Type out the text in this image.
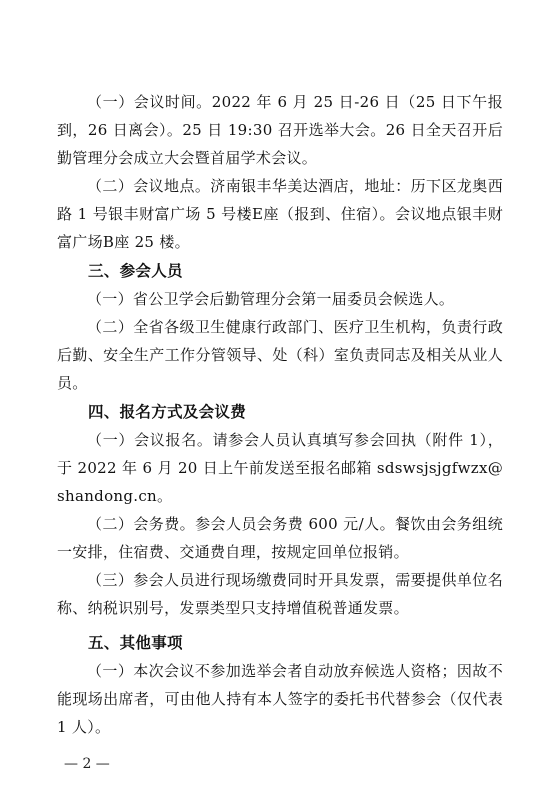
（一）会议时间。2022 年 6 月 25 日-26 日（25 日下午报到，26 日离会）。25 日 19:30 召开选举大会。26 日全天召开后勤管理分会成立大会暨首届学术会议。

（二）会议地点。济南银丰华美达酒店，地址：历下区龙奥西路 1 号银丰财富广场 5 号楼E座（报到、住宿）。会议地点银丰财富广场B座 25 楼。

三、参会人员

（一）省公卫学会后勤管理分会第一届委员会候选人。

（二）全省各级卫生健康行政部门、医疗卫生机构，负责行政后勤、安全生产工作分管领导、处（科）室负责同志及相关从业人员。

四、报名方式及会议费

（一）会议报名。请参会人员认真填写参会回执（附件 1），于 2022 年 6 月 20 日上午前发送至报名邮箱 sdswsjsjgfwzx@shandong.cn。

（二）会务费。参会人员会务费 600 元/人。餐饮由会务组统一安排，住宿费、交通费自理，按规定回单位报销。

（三）参会人员进行现场缴费同时开具发票，需要提供单位名称、纳税识别号，发票类型只支持增值税普通发票。

五、其他事项

（一）本次会议不参加选举会者自动放弃候选人资格；因故不能现场出席者，可由他人持有本人签字的委托书代替参会（仅代表 1 人）。

— 2 —
